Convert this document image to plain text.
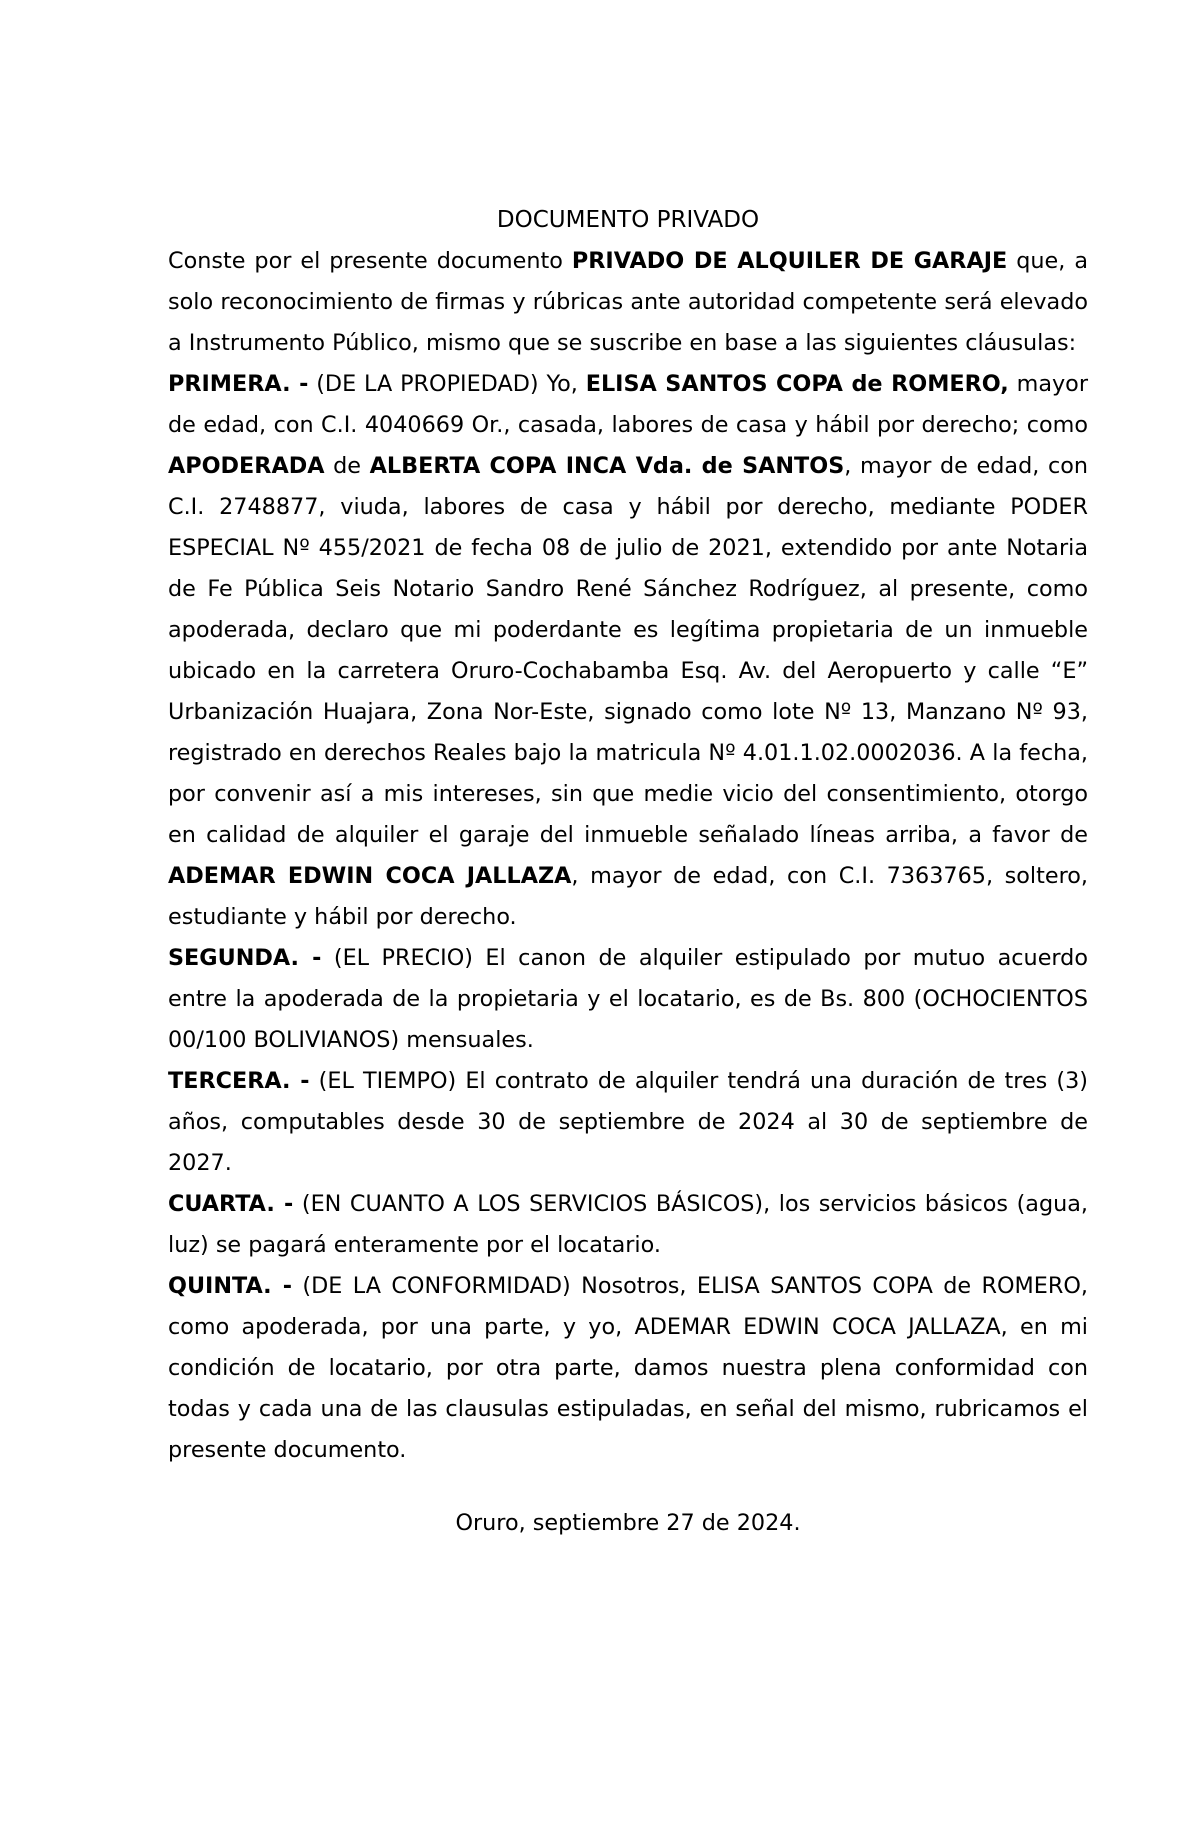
DOCUMENTO PRIVADO

Conste por el presente documento PRIVADO DE ALQUILER DE GARAJE que, a solo reconocimiento de firmas y rúbricas ante autoridad competente será elevado a Instrumento Público, mismo que se suscribe en base a las siguientes cláusulas:

PRIMERA. - (DE LA PROPIEDAD) Yo, ELISA SANTOS COPA de ROMERO, mayor de edad, con C.I. 4040669 Or., casada, labores de casa y hábil por derecho; como APODERADA de ALBERTA COPA INCA Vda. de SANTOS, mayor de edad, con C.I. 2748877, viuda, labores de casa y hábil por derecho, mediante PODER ESPECIAL Nº 455/2021 de fecha 08 de julio de 2021, extendido por ante Notaria de Fe Pública Seis Notario Sandro René Sánchez Rodríguez, al presente, como apoderada, declaro que mi poderdante es legítima propietaria de un inmueble ubicado en la carretera Oruro-Cochabamba Esq. Av. del Aeropuerto y calle “E” Urbanización Huajara, Zona Nor-Este, signado como lote Nº 13, Manzano Nº 93, registrado en derechos Reales bajo la matricula Nº 4.01.1.02.0002036. A la fecha, por convenir así a mis intereses, sin que medie vicio del consentimiento, otorgo en calidad de alquiler el garaje del inmueble señalado líneas arriba, a favor de ADEMAR EDWIN COCA JALLAZA, mayor de edad, con C.I. 7363765, soltero, estudiante y hábil por derecho.

SEGUNDA. - (EL PRECIO) El canon de alquiler estipulado por mutuo acuerdo entre la apoderada de la propietaria y el locatario, es de Bs. 800 (OCHOCIENTOS 00/100 BOLIVIANOS) mensuales.

TERCERA. - (EL TIEMPO) El contrato de alquiler tendrá una duración de tres (3) años, computables desde 30 de septiembre de 2024 al 30 de septiembre de 2027.

CUARTA. - (EN CUANTO A LOS SERVICIOS BÁSICOS), los servicios básicos (agua, luz) se pagará enteramente por el locatario.

QUINTA. - (DE LA CONFORMIDAD) Nosotros, ELISA SANTOS COPA de ROMERO, como apoderada, por una parte, y yo, ADEMAR EDWIN COCA JALLAZA, en mi condición de locatario, por otra parte, damos nuestra plena conformidad con todas y cada una de las clausulas estipuladas, en señal del mismo, rubricamos el presente documento.

Oruro, septiembre 27 de 2024.
